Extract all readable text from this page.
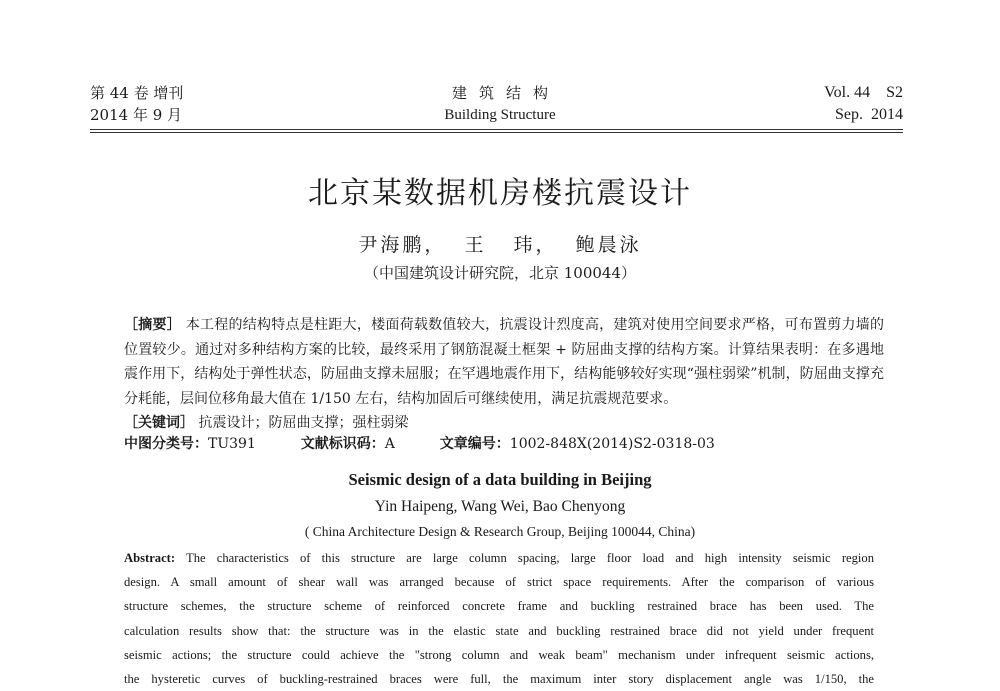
第 44 卷 增刊
2014 年 9 月
建筑结构
Building Structure
Vol. 44    S2
Sep.  2014
北京某数据机房楼抗震设计
尹海鹏，  王   玮，  鲍晨泳
（中国建筑设计研究院，北京 100044）
［摘要］ 本工程的结构特点是柱距大，楼面荷载数值较大，抗震设计烈度高，建筑对使用空间要求严格，可布置剪力墙的位置较少。通过对多种结构方案的比较，最终采用了钢筋混凝土框架 + 防屈曲支撑的结构方案。计算结果表明：在多遇地震作用下，结构处于弹性状态，防屈曲支撑未屈服；在罕遇地震作用下，结构能够较好实现“强柱弱梁”机制，防屈曲支撑充分耗能，层间位移角最大值在 1/150 左右，结构加固后可继续使用，满足抗震规范要求。
［关键词］ 抗震设计；防屈曲支撑；强柱弱梁
中图分类号：TU391	文献标识码：A	文章编号：1002-848X(2014)S2-0318-03
Seismic design of a data building in Beijing
Yin Haipeng, Wang Wei, Bao Chenyong
( China Architecture Design & Research Group, Beijing 100044, China)
Abstract: The characteristics of this structure are large column spacing, large floor load and high intensity seismic region
design. A small amount of shear wall was arranged because of strict space requirements. After the comparison of various
structure schemes, the structure scheme of reinforced concrete frame and buckling restrained brace has been used. The
calculation results show that: the structure was in the elastic state and buckling restrained brace did not yield under frequent
seismic actions; the structure could achieve the "strong column and weak beam" mechanism under infrequent seismic actions,
the hysteretic curves of buckling-restrained braces were full, the maximum inter story displacement angle was 1/150, the
